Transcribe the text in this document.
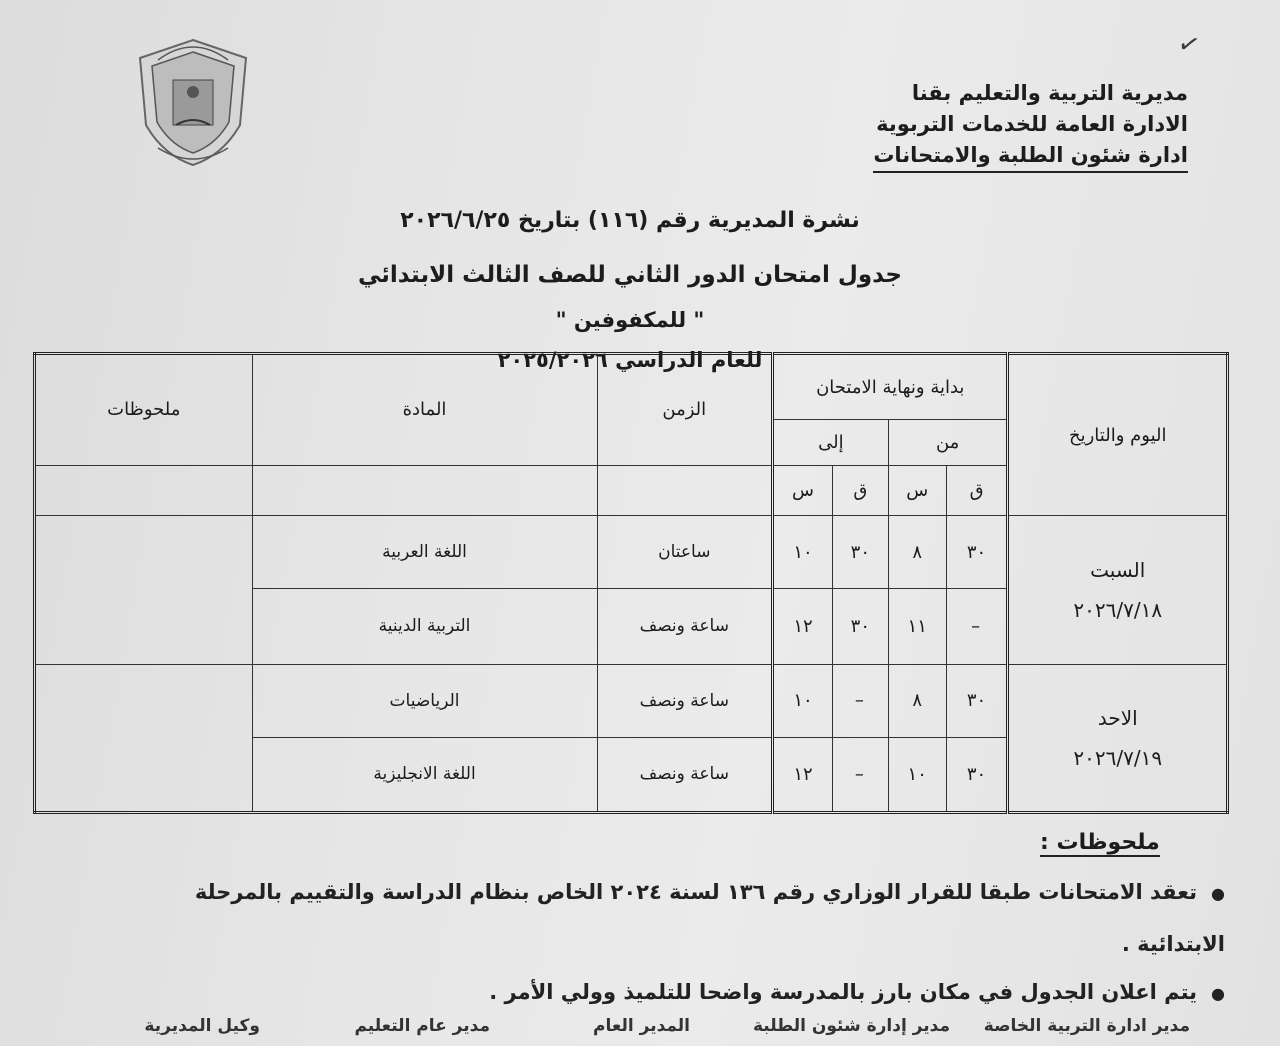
✓
مديرية التربية والتعليم بقنا
الادارة العامة للخدمات التربوية
ادارة شئون الطلبة والامتحانات
نشرة المديرية رقم (١١٦) بتاريخ ٢٠٢٦/٦/٢٥
جدول امتحان الدور الثاني للصف الثالث الابتدائي
" للمكفوفين "
للعام الدراسي ٢٠٢٥/٢٠٢٦
اليوم والتاريخ	بداية ونهاية الامتحان				الزمن	المادة	ملحوظات
	من		إلى				
	ق	س	ق	س			

السبت
٢٠٢٦/٧/١٨	٣٠	٨	٣٠	١٠	ساعتان	اللغة العربية	
	–	١١	٣٠	١٢	ساعة ونصف	التربية الدينية	

الاحد
٢٠٢٦/٧/١٩	٣٠	٨	–	١٠	ساعة ونصف	الرياضيات	
	٣٠	١٠	–	١٢	ساعة ونصف	اللغة الانجليزية	
ملحوظات :
●تعقد الامتحانات طبقا للقرار الوزاري رقم ١٣٦ لسنة ٢٠٢٤ الخاص بنظام الدراسة والتقييم بالمرحلة
الابتدائية .
●يتم اعلان الجدول في مكان بارز بالمدرسة واضحا للتلميذ وولي الأمر .
مدير ادارة التربية الخاصة
مدير إدارة شئون الطلبة
المدير العام
مدير عام التعليم
وكيل المديرية
